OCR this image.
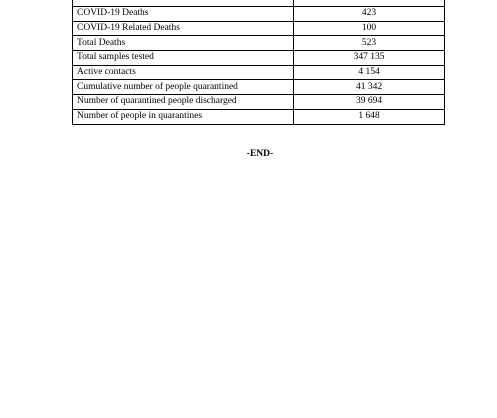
COVID-19 Deaths	423
COVID-19 Related Deaths	100
Total Deaths	523
Total samples tested	347 135
Active contacts	4 154
Cumulative number of people quarantined	41 342
Number of quarantined people discharged	39 694
Number of people in quarantines	1 648
-END-
